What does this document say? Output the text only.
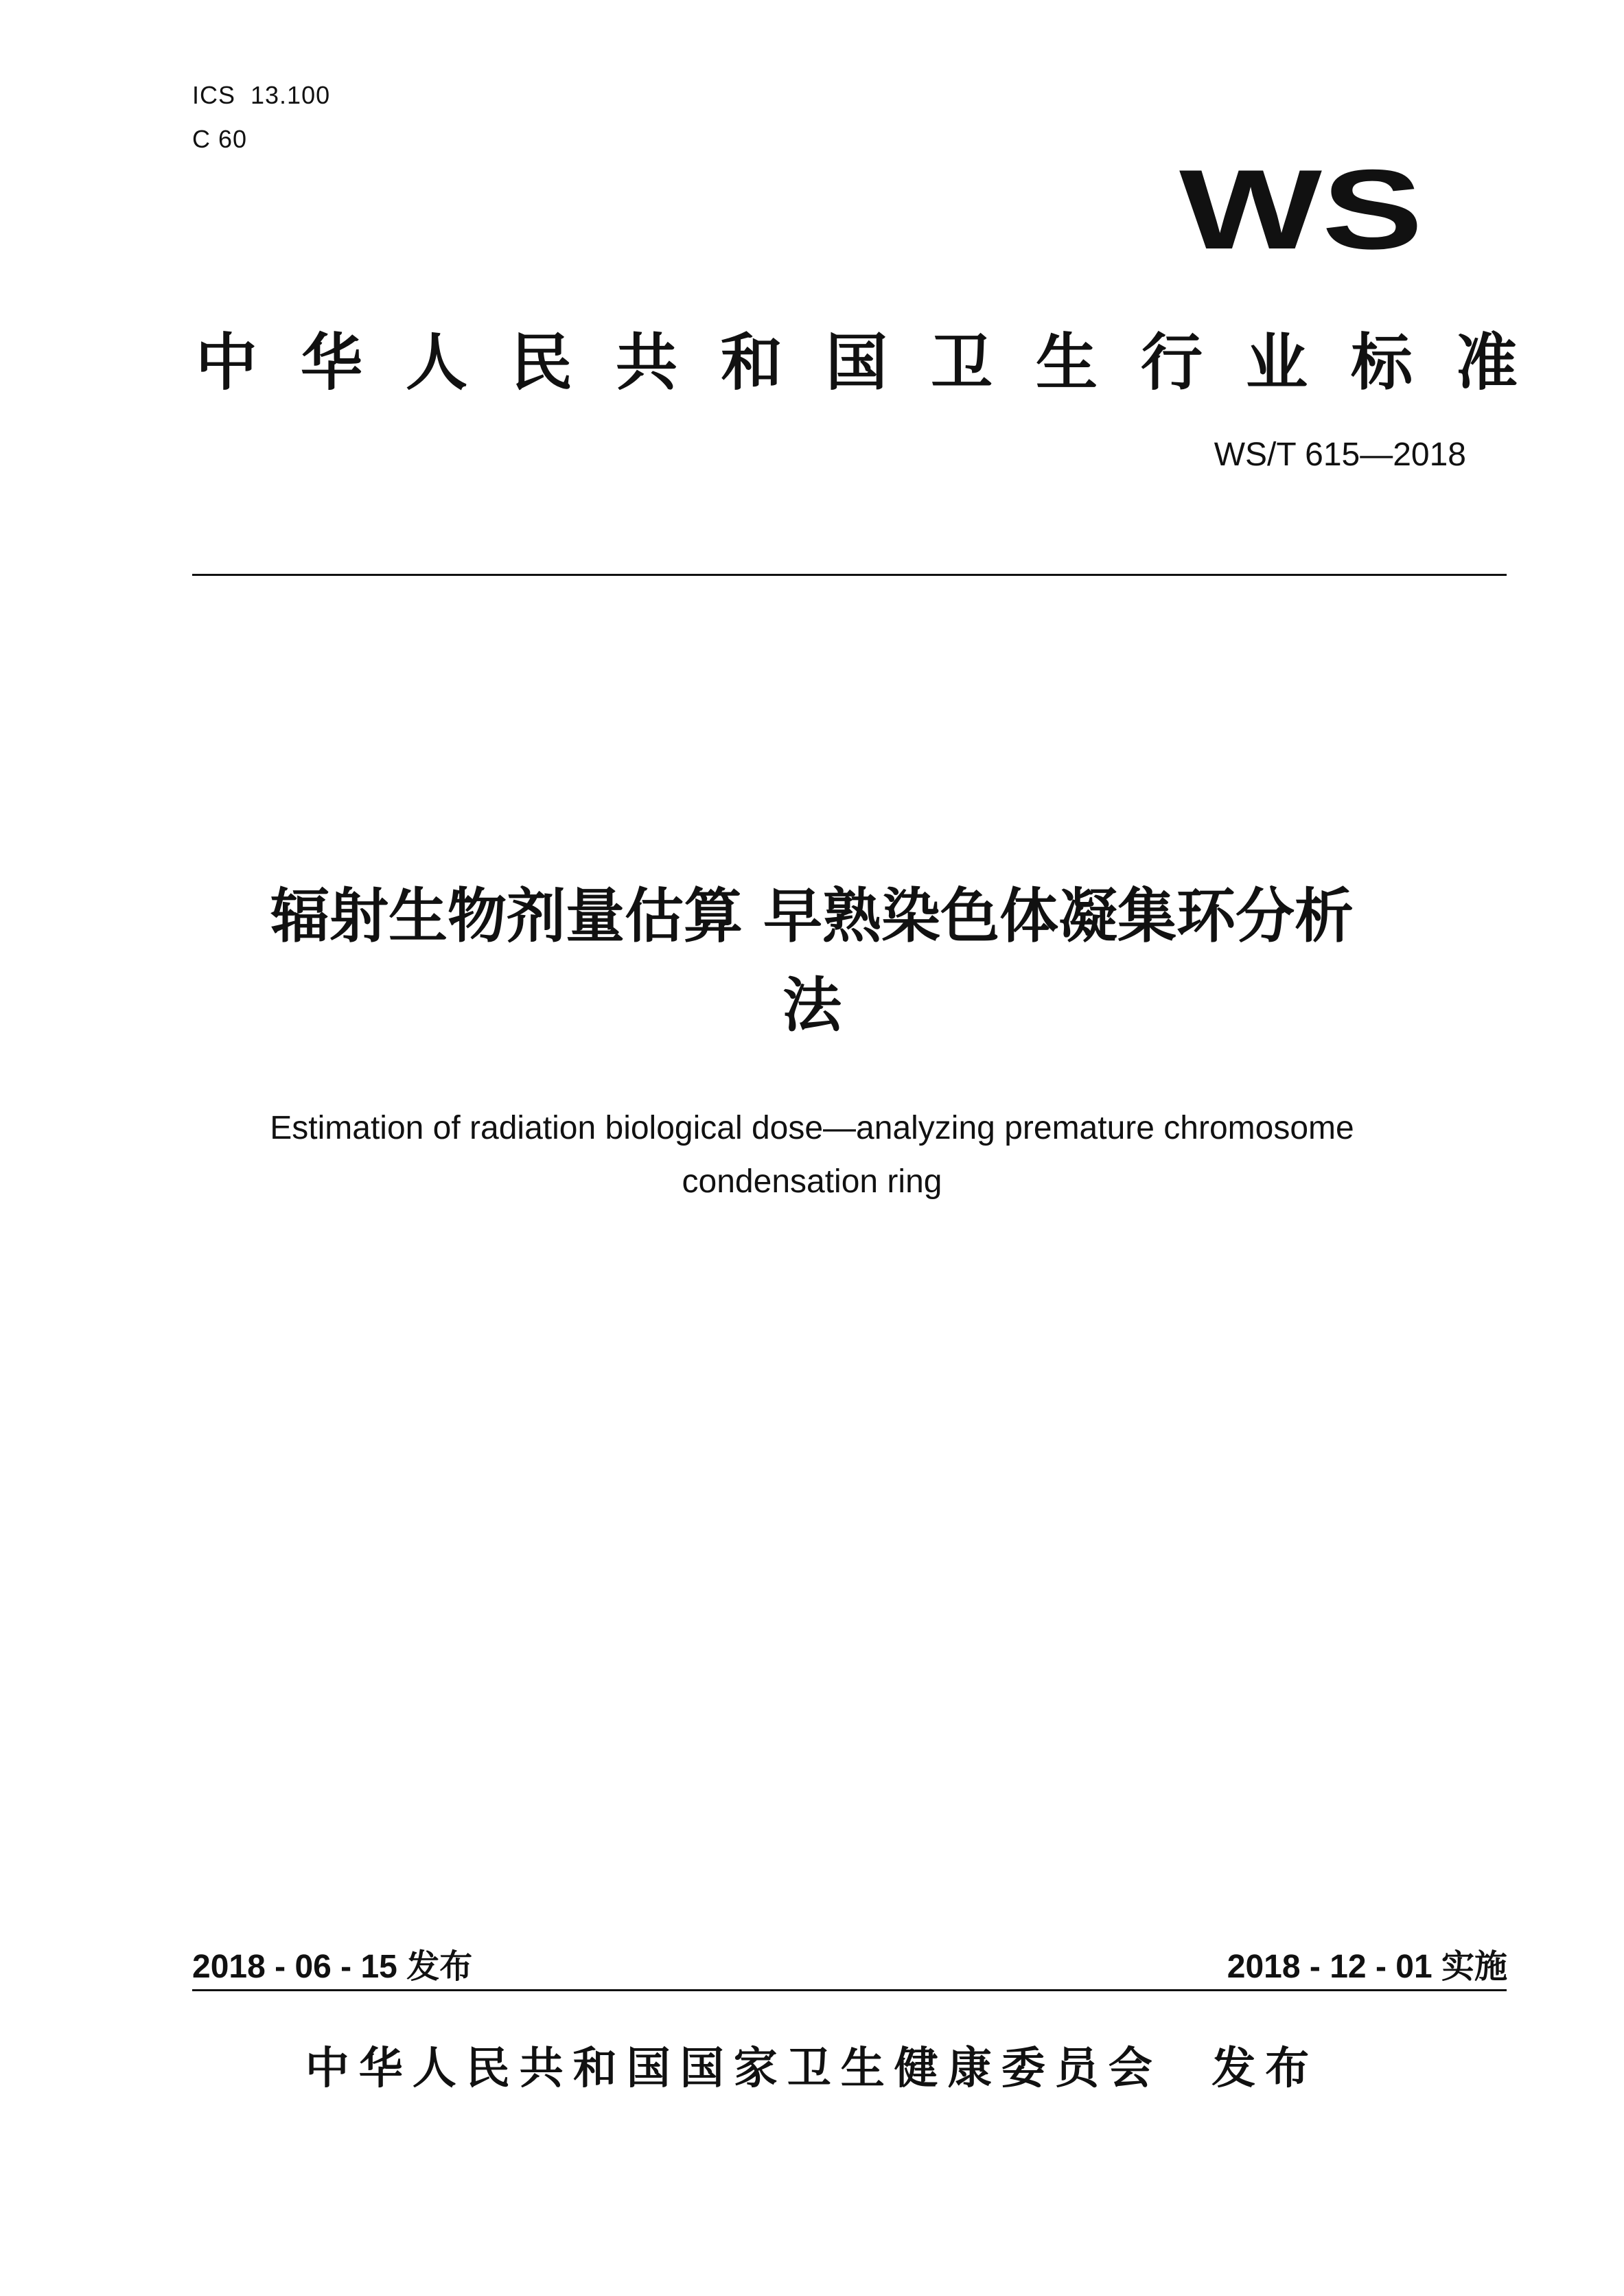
ICS  13.100
C 60
WS
中华人民共和国卫生行业标准
WS/T 615—2018
辐射生物剂量估算 早熟染色体凝集环分析
法
Estimation of radiation biological dose—analyzing premature chromosome
condensation ring
2018 - 06 - 15 发布	2018 - 12 - 01 实施
中华人民共和国国家卫生健康委员会  发布
